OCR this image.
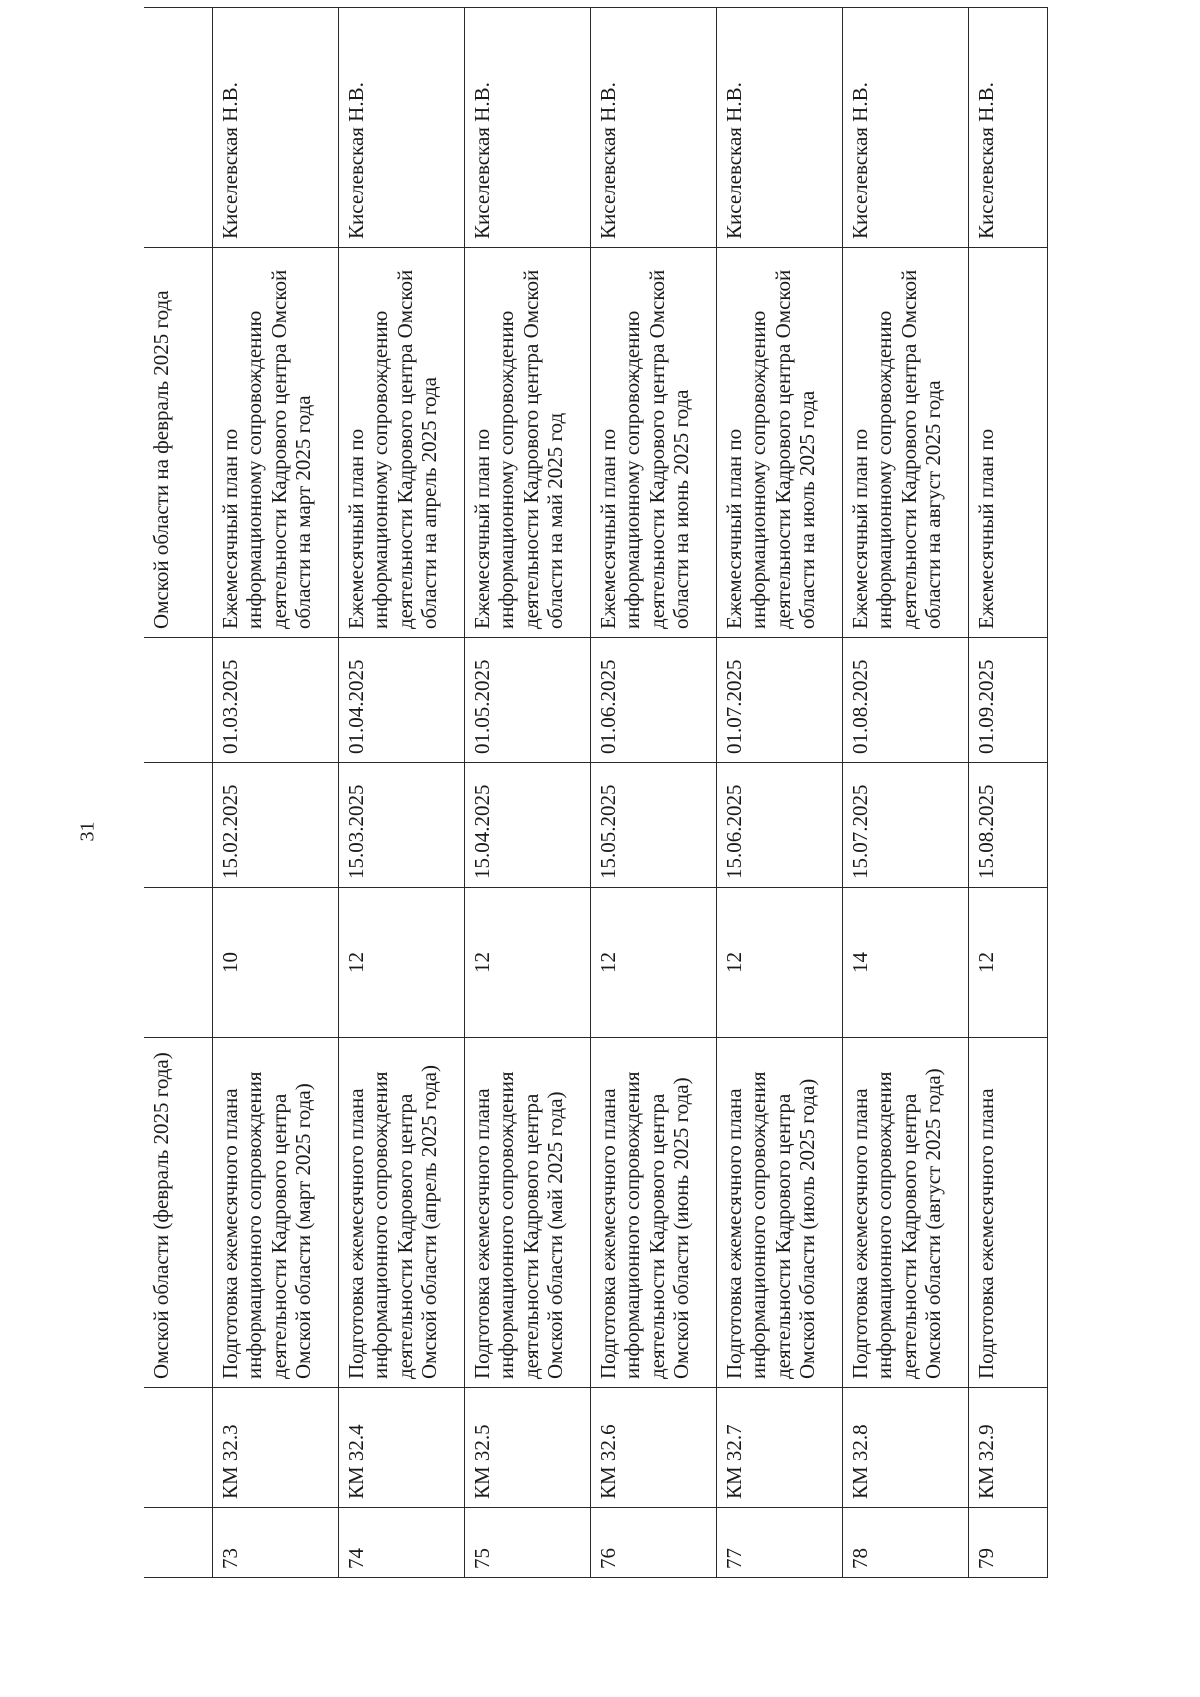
31
		Омской области (февраль 2025 года)				Омской области на февраль 2025 года	
73	КМ 32.3	Подготовка ежемесячного плана информационного сопровождения деятельности Кадрового центра Омской области (март 2025 года)	10	15.02.2025	01.03.2025	Ежемесячный план по информационному сопровождению деятельности Кадрового центра Омской области на март 2025 года	Киселевская Н.В.
74	КМ 32.4	Подготовка ежемесячного плана информационного сопровождения деятельности Кадрового центра Омской области (апрель 2025 года)	12	15.03.2025	01.04.2025	Ежемесячный план по информационному сопровождению деятельности Кадрового центра Омской области на апрель 2025 года	Киселевская Н.В.
75	КМ 32.5	Подготовка ежемесячного плана информационного сопровождения деятельности Кадрового центра Омской области (май 2025 года)	12	15.04.2025	01.05.2025	Ежемесячный план по информационному сопровождению деятельности Кадрового центра Омской области на май 2025 год	Киселевская Н.В.
76	КМ 32.6	Подготовка ежемесячного плана информационного сопровождения деятельности Кадрового центра Омской области (июнь 2025 года)	12	15.05.2025	01.06.2025	Ежемесячный план по информационному сопровождению деятельности Кадрового центра Омской области на июнь 2025 года	Киселевская Н.В.
77	КМ 32.7	Подготовка ежемесячного плана информационного сопровождения деятельности Кадрового центра Омской области (июль 2025 года)	12	15.06.2025	01.07.2025	Ежемесячный план по информационному сопровождению деятельности Кадрового центра Омской области на июль 2025 года	Киселевская Н.В.
78	КМ 32.8	Подготовка ежемесячного плана информационного сопровождения деятельности Кадрового центра Омской области (август 2025 года)	14	15.07.2025	01.08.2025	Ежемесячный план по информационному сопровождению деятельности Кадрового центра Омской области на август 2025 года	Киселевская Н.В.
79	КМ 32.9	Подготовка ежемесячного плана	12	15.08.2025	01.09.2025	Ежемесячный план по	Киселевская Н.В.
